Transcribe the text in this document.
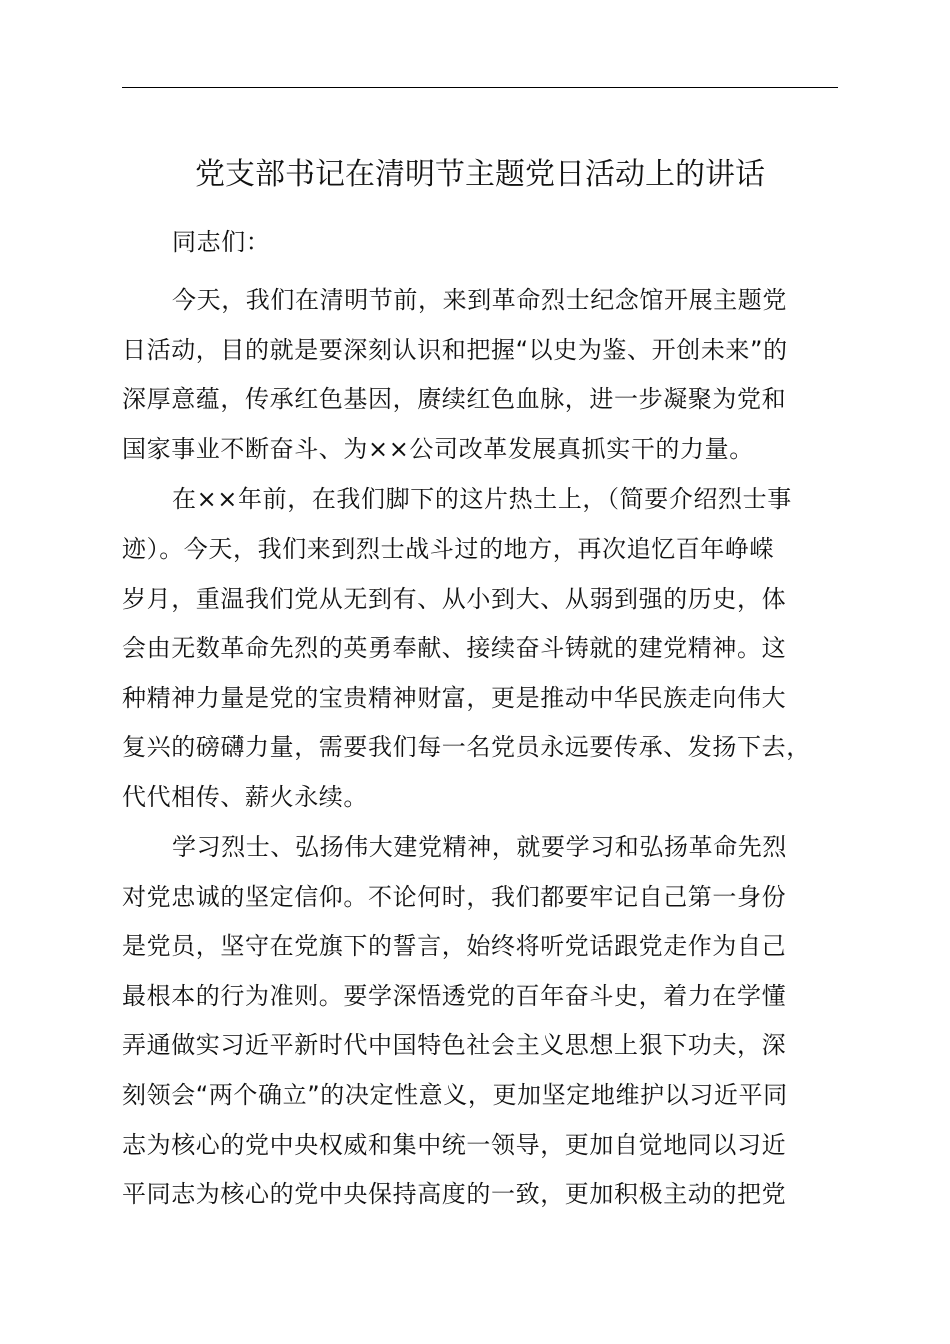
党支部书记在清明节主题党日活动上的讲话

同志们：

今天，我们在清明节前，来到革命烈士纪念馆开展主题党

日活动，目的就是要深刻认识和把握“以史为鉴、开创未来”的

深厚意蕴，传承红色基因，赓续红色血脉，进一步凝聚为党和

国家事业不断奋斗、为××公司改革发展真抓实干的力量。

在××年前，在我们脚下的这片热土上，（简要介绍烈士事

迹）。今天，我们来到烈士战斗过的地方，再次追忆百年峥嵘

岁月，重温我们党从无到有、从小到大、从弱到强的历史，体

会由无数革命先烈的英勇奉献、接续奋斗铸就的建党精神。这

种精神力量是党的宝贵精神财富，更是推动中华民族走向伟大

复兴的磅礴力量，需要我们每一名党员永远要传承、发扬下去，

代代相传、薪火永续。

学习烈士、弘扬伟大建党精神，就要学习和弘扬革命先烈

对党忠诚的坚定信仰。不论何时，我们都要牢记自己第一身份

是党员，坚守在党旗下的誓言，始终将听党话跟党走作为自己

最根本的行为准则。要学深悟透党的百年奋斗史，着力在学懂

弄通做实习近平新时代中国特色社会主义思想上狠下功夫，深

刻领会“两个确立”的决定性意义，更加坚定地维护以习近平同

志为核心的党中央权威和集中统一领导，更加自觉地同以习近

平同志为核心的党中央保持高度的一致，更加积极主动的把党
